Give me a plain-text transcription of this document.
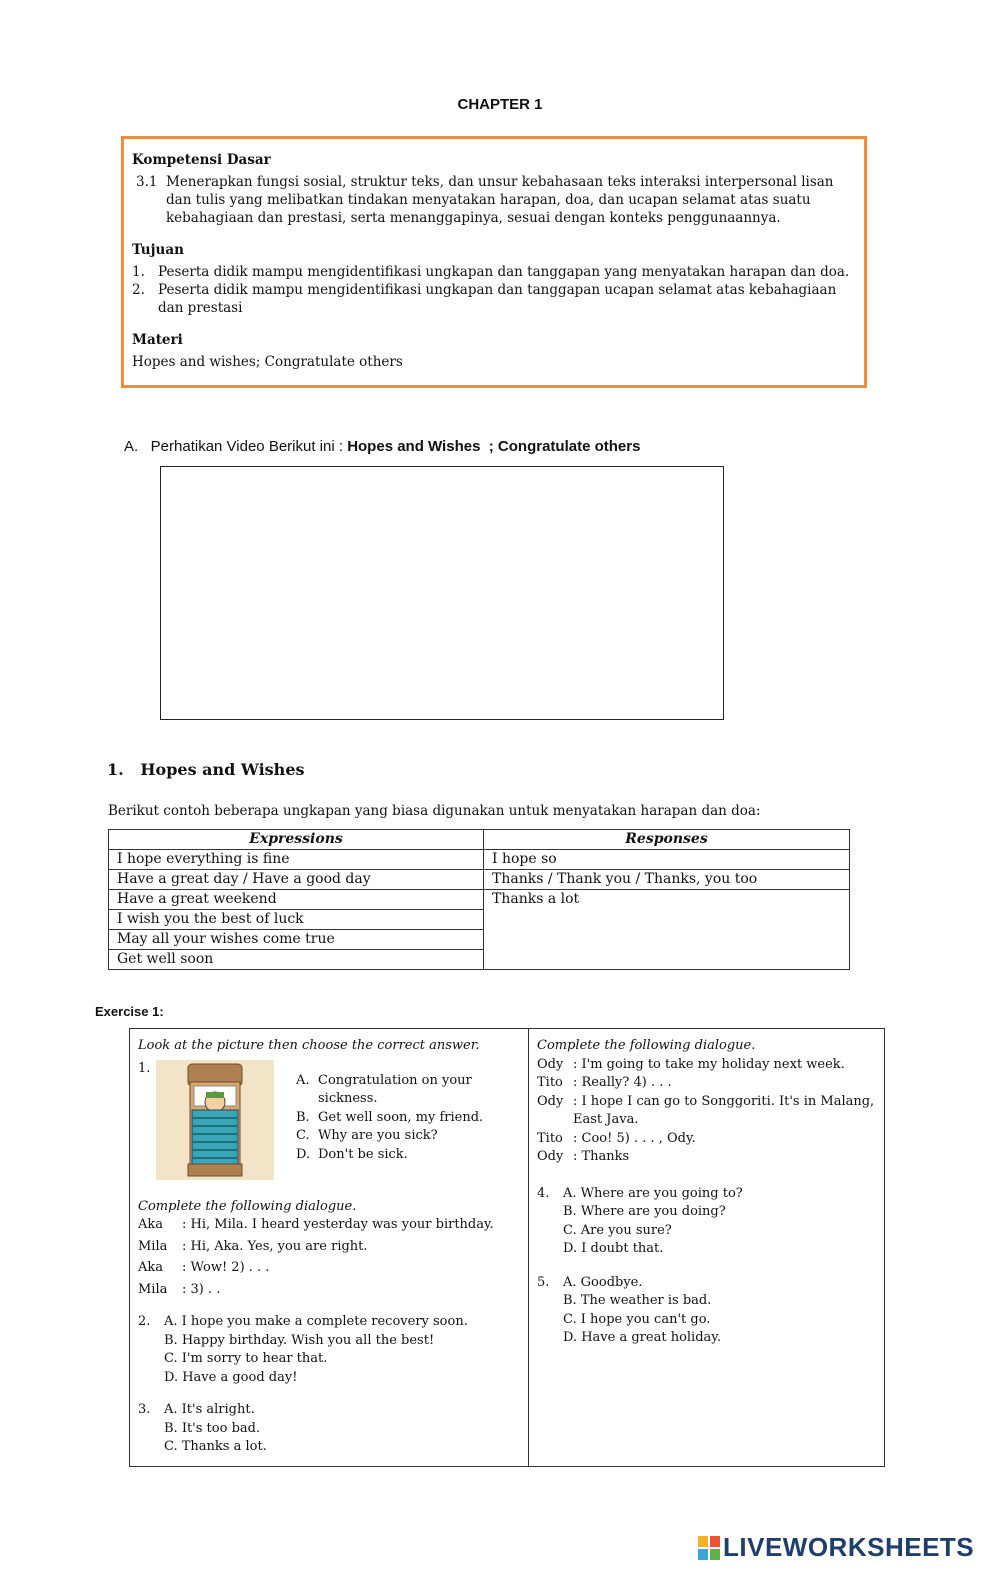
CHAPTER 1
Kompetensi Dasar
3.1 Menerapkan fungsi sosial, struktur teks, dan unsur kebahasaan teks interaksi interpersonal lisan dan tulis yang melibatkan tindakan menyatakan harapan, doa, dan ucapan selamat atas suatu kebahagiaan dan prestasi, serta menanggapinya, sesuai dengan konteks penggunaannya.
Tujuan
1. Peserta didik mampu mengidentifikasi ungkapan dan tanggapan yang menyatakan harapan dan doa.
2. Peserta didik mampu mengidentifikasi ungkapan dan tanggapan ucapan selamat atas kebahagiaan dan prestasi
Materi
Hopes and wishes; Congratulate others
A.   Perhatikan Video Berikut ini : Hopes and Wishes  ; Congratulate others
1.   Hopes and Wishes
Berikut contoh beberapa ungkapan yang biasa digunakan untuk menyatakan harapan dan doa:
Expressions	Responses
I hope everything is fine	I hope so
Have a great day / Have a good day	Thanks / Thank you / Thanks, you too
Have a great weekend	Thanks a lot
I wish you the best of luck	
May all your wishes come true	
Get well soon	
Exercise 1:
Look at the picture then choose the correct answer.
1.
A. Congratulation on your sickness.
B. Get well soon, my friend.
C. Why are you sick?
D. Don't be sick.
Complete the following dialogue.
Aka	: Hi, Mila. I heard yesterday was your birthday.
Mila	: Hi, Aka. Yes, you are right.
Aka	: Wow! 2) . . .
Mila	: 3) . .
2.	A. I hope you make a complete recovery soon.
B. Happy birthday. Wish you all the best!
C. I'm sorry to hear that.
D. Have a good day!
3.	A. It's alright.
B. It's too bad.
C. Thanks a lot.
Complete the following dialogue.
Ody : I'm going to take my holiday next week.
Tito : Really? 4) . . .
Ody : I hope I can go to Songgoriti. It's in Malang, East Java.
Tito : Coo! 5) . . . , Ody.
Ody : Thanks
4.	A. Where are you going to?
B. Where are you doing?
C. Are you sure?
D. I doubt that.
5.	A. Goodbye.
B. The weather is bad.
C. I hope you can't go.
D. Have a great holiday.
LIVEWORKSHEETS
